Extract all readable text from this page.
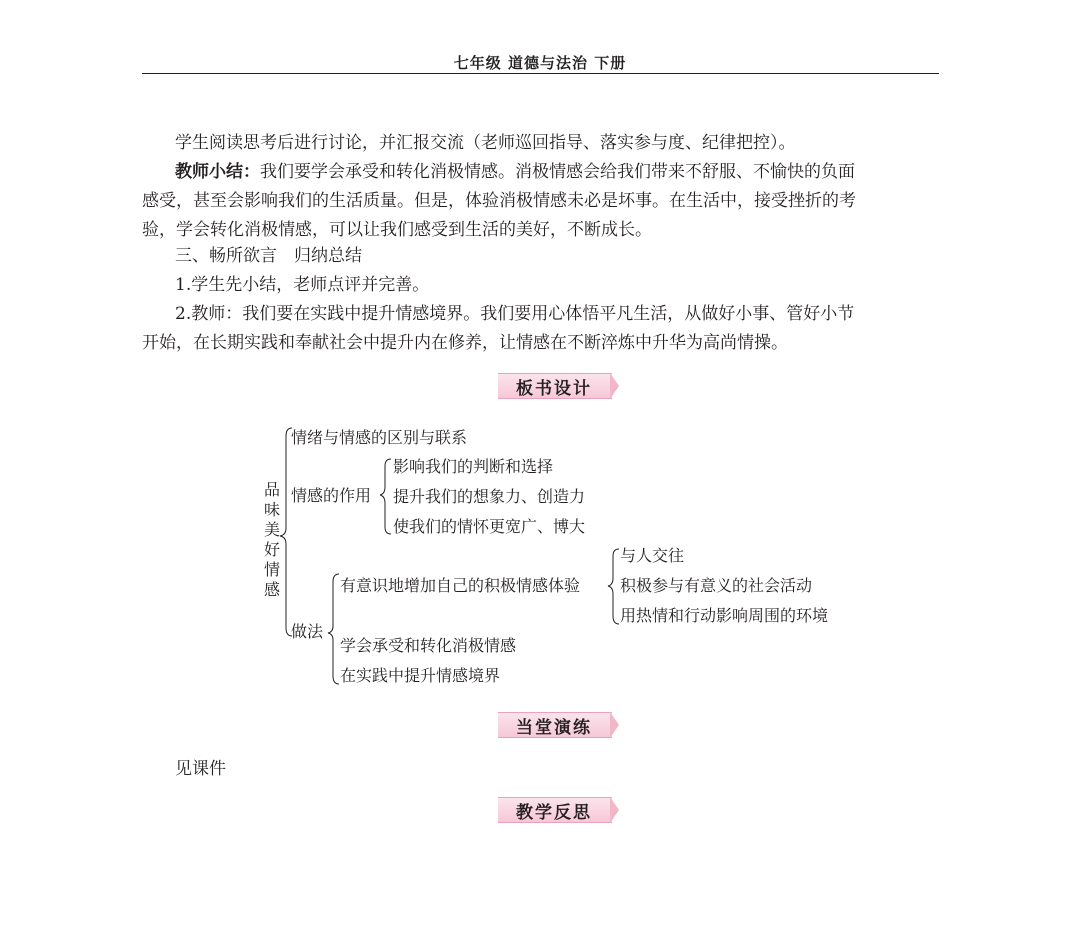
七年级 道德与法治 下册
学生阅读思考后进行讨论，并汇报交流（老师巡回指导、落实参与度、纪律把控）。
教师小结：我们要学会承受和转化消极情感。消极情感会给我们带来不舒服、不愉快的负面
感受，甚至会影响我们的生活质量。但是，体验消极情感未必是坏事。在生活中，接受挫折的考
验，学会转化消极情感，可以让我们感受到生活的美好，不断成长。
三、畅所欲言　归纳总结
1.学生先小结，老师点评并完善。
2.教师：我们要在实践中提升情感境界。我们要用心体悟平凡生活，从做好小事、管好小节
开始，在长期实践和奉献社会中提升内在修养，让情感在不断淬炼中升华为高尚情操。
板书设计
品味美好情感
情绪与情感的区别与联系
情感的作用
影响我们的判断和选择
提升我们的想象力、创造力
使我们的情怀更宽广、博大
做法
有意识地增加自己的积极情感体验
与人交往
积极参与有意义的社会活动
用热情和行动影响周围的环境
学会承受和转化消极情感
在实践中提升情感境界
当堂演练
见课件
教学反思
